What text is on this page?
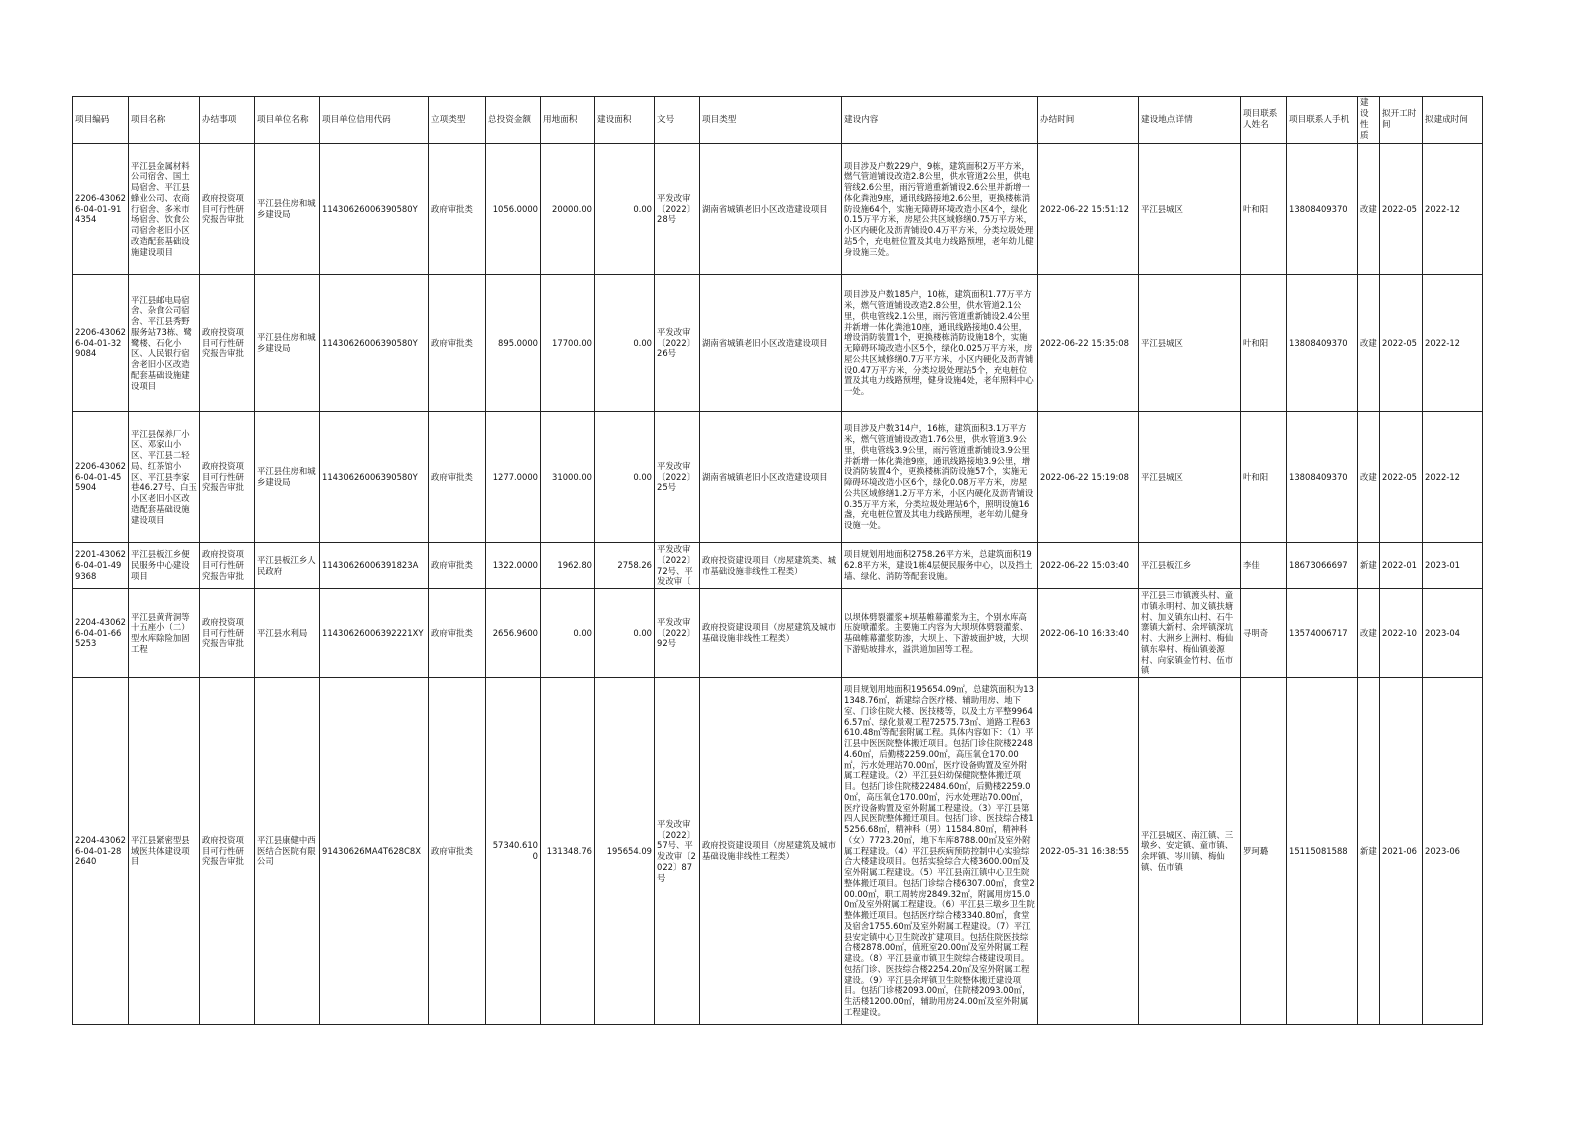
项目编码	项目名称	办结事项	项目单位名称	项目单位信用代码	立项类型	总投资金额	用地面积	建设面积	文号	项目类型	建设内容	办结时间	建设地点详情	项目联系人姓名	项目联系人手机	建设性质	拟开工时间	拟建成时间
2206-430626-04-01-914354	平江县金属材料公司宿舍、国土局宿舍、平江县蜂业公司、农商行宿舍、多米市场宿舍、饮食公司宿舍老旧小区改造配套基础设施建设项目	政府投资项目可行性研究报告审批	平江县住房和城乡建设局	11430626006390580Y	政府审批类	1056.0000	20000.00	0.00	平发改审〔2022〕28号	湖南省城镇老旧小区改造建设项目	项目涉及户数229户，9栋，建筑面积2万平方米，燃气管道铺设改造2.8公里，供水管道2公里，供电管线2.6公里，雨污管道重新铺设2.6公里并新增一体化粪池9座，通讯线路接地2.6公里，更换楼栋消防设施64个，实施无障碍环境改造小区4个，绿化0.15万平方米，房屋公共区域修缮0.75万平方米，小区内硬化及沥青铺设0.4万平方米，分类垃圾处理站5个，充电桩位置及其电力线路预埋，老年幼儿健身设施三处。	2022-06-22 15:51:12	平江县城区	叶和阳	13808409370	改建	2022-05	2022-12
2206-430626-04-01-329084	平江县邮电局宿舍、杂食公司宿舍、平江县秀野服务站73栋、鹭鹭楼、石化小区、人民银行宿舍老旧小区改造配套基础设施建设项目	政府投资项目可行性研究报告审批	平江县住房和城乡建设局	11430626006390580Y	政府审批类	895.0000	17700.00	0.00	平发改审〔2022〕26号	湖南省城镇老旧小区改造建设项目	项目涉及户数185户，10栋，建筑面积1.77万平方米，燃气管道铺设改造2.8公里，供水管道2.1公里，供电管线2.1公里，雨污管道重新铺设2.4公里并新增一体化粪池10座，通讯线路接地0.4公里，增设消防装置1个，更换楼栋消防设施18个，实施无障碍环境改造小区5个，绿化0.025万平方米，房屋公共区域修缮0.7万平方米，小区内硬化及沥青铺设0.47万平方米，分类垃圾处理站5个，充电桩位置及其电力线路预埋，健身设施4处，老年照料中心一处。	2022-06-22 15:35:08	平江县城区	叶和阳	13808409370	改建	2022-05	2022-12
2206-430626-04-01-455904	平江县保养厂小区、邓家山小区、平江县二轻局、红茶馆小区、平江县李家巷46.27号、白玉小区老旧小区改造配套基础设施建设项目	政府投资项目可行性研究报告审批	平江县住房和城乡建设局	11430626006390580Y	政府审批类	1277.0000	31000.00	0.00	平发改审〔2022〕25号	湖南省城镇老旧小区改造建设项目	项目涉及户数314户，16栋，建筑面积3.1万平方米，燃气管道铺设改造1.76公里，供水管道3.9公里，供电管线3.9公里，雨污管道重新铺设3.9公里并新增一体化粪池9座，通讯线路接地3.9公里，增设消防装置4个，更换楼栋消防设施57个，实施无障碍环境改造小区6个，绿化0.08万平方米，房屋公共区域修缮1.2万平方米，小区内硬化及沥青铺设0.35万平方米，分类垃圾处理站6个，照明设施16盏，充电桩位置及其电力线路预埋，老年幼儿健身设施一处。	2022-06-22 15:19:08	平江县城区	叶和阳	13808409370	改建	2022-05	2022-12
2201-430626-04-01-499368	平江县板江乡便民服务中心建设项目	政府投资项目可行性研究报告审批	平江县板江乡人民政府	11430626006391823A	政府审批类	1322.0000	1962.80	2758.26	平发改审〔2022〕72号、平发改审〔	政府投资建设项目（房屋建筑类、城市基础设施非线性工程类）	项目规划用地面积2758.26平方米，总建筑面积1962.8平方米，建设1栋4层便民服务中心，以及挡土墙、绿化、消防等配套设施。	2022-06-22 15:03:40	平江县板江乡	李佳	18673066697	新建	2022-01	2023-01
2204-430626-04-01-665253	平江县黄背洞等十五座小（二）型水库除险加固工程	政府投资项目可行性研究报告审批	平江县水利局	11430626006392221XY	政府审批类	2656.9600	0.00	0.00	平发改审〔2022〕92号	政府投资建设项目（房屋建筑及城市基础设施非线性工程类）	以坝体劈裂灌浆+坝基帷幕灌浆为主，个别水库高压旋喷灌浆。主要施工内容为大坝坝体劈裂灌浆、基础帷幕灌浆防渗，大坝上、下游坡面护坡，大坝下游贴坡排水，溢洪道加固等工程。	2022-06-10 16:33:40	平江县三市镇渡头村、童市镇永明村、加义镇扶塘村、加义镇东山村、石牛寨镇大新村、余坪镇深坑村、大洲乡上洲村、梅仙镇东皋村、梅仙镇姜源村、向家镇金竹村、伍市镇	寻明奇	13574006717	改建	2022-10	2023-04
2204-430626-04-01-282640	平江县紧密型县域医共体建设项目	政府投资项目可行性研究报告审批	平江县康健中西医结合医院有限公司	91430626MA4T628C8X	政府审批类	57340.6100	131348.76	195654.09	平发改审〔2022〕57号、平发改审〔2022〕87号	政府投资建设项目（房屋建筑及城市基础设施非线性工程类）	项目规划用地面积195654.09㎡，总建筑面积为131348.76㎡，新建综合医疗楼、辅助用房、地下室、门诊住院大楼、医技楼等，以及土方平整99646.57㎡、绿化景观工程72575.73㎡、道路工程63610.48㎡等配套附属工程。具体内容如下：（1）平江县中医医院整体搬迁项目。包括门诊住院楼22484.60㎡，后勤楼2259.00㎡，高压氧仓170.00㎡，污水处理站70.00㎡，医疗设备购置及室外附属工程建设。（2）平江县妇幼保健院整体搬迁项目。包括门诊住院楼22484.60㎡，后勤楼2259.00㎡，高压氧仓170.00㎡，污水处理站70.00㎡，医疗设备购置及室外附属工程建设。（3）平江县第四人民医院整体搬迁项目。包括门诊、医技综合楼15256.68㎡，精神科（男）11584.80㎡，精神科（女）7723.20㎡，地下车库8788.00㎡及室外附属工程建设。（4）平江县疾病预防控制中心实验综合大楼建设项目。包括实验综合大楼3600.00㎡及室外附属工程建设。（5）平江县南江镇中心卫生院整体搬迁项目。包括门诊综合楼6307.00㎡，食堂200.00㎡，职工周转房2849.32㎡，附属用房15.00㎡及室外附属工程建设。（6）平江县三墩乡卫生院整体搬迁项目。包括医疗综合楼3340.80㎡，食堂及宿舍1755.60㎡及室外附属工程建设。（7）平江县安定镇中心卫生院改扩建项目。包括住院医技综合楼2878.00㎡，值班室20.00㎡及室外附属工程建设。（8）平江县童市镇卫生院综合楼建设项目。包括门诊、医技综合楼2254.20㎡及室外附属工程建设。（9）平江县余坪镇卫生院整体搬迁建设项目。包括门诊楼2093.00㎡，住院楼2093.00㎡，生活楼1200.00㎡，辅助用房24.00㎡及室外附属工程建设。	2022-05-31 16:38:55	平江县城区、南江镇、三墩乡、安定镇、童市镇、余坪镇、岑川镇、梅仙镇、伍市镇	罗珂璐	15115081588	新建	2021-06	2023-06
